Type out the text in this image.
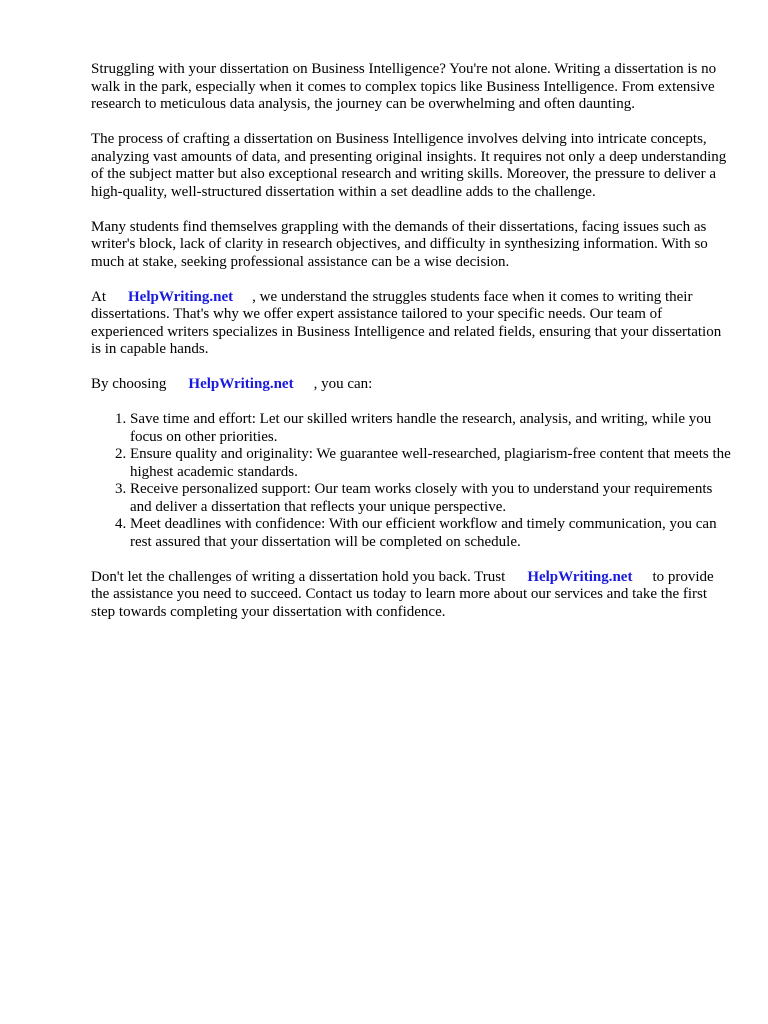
Struggling with your dissertation on Business Intelligence? You're not alone. Writing a dissertation is no walk in the park, especially when it comes to complex topics like Business Intelligence. From extensive research to meticulous data analysis, the journey can be overwhelming and often daunting.

The process of crafting a dissertation on Business Intelligence involves delving into intricate concepts, analyzing vast amounts of data, and presenting original insights. It requires not only a deep understanding of the subject matter but also exceptional research and writing skills. Moreover, the pressure to deliver a high-quality, well-structured dissertation within a set deadline adds to the challenge.

Many students find themselves grappling with the demands of their dissertations, facing issues such as writer's block, lack of clarity in research objectives, and difficulty in synthesizing information. With so much at stake, seeking professional assistance can be a wise decision.

At HelpWriting.net , we understand the struggles students face when it comes to writing their dissertations. That's why we offer expert assistance tailored to your specific needs. Our team of experienced writers specializes in Business Intelligence and related fields, ensuring that your dissertation is in capable hands.

By choosing HelpWriting.net , you can:

1. Save time and effort: Let our skilled writers handle the research, analysis, and writing, while you focus on other priorities.
2. Ensure quality and originality: We guarantee well-researched, plagiarism-free content that meets the highest academic standards.
3. Receive personalized support: Our team works closely with you to understand your requirements and deliver a dissertation that reflects your unique perspective.
4. Meet deadlines with confidence: With our efficient workflow and timely communication, you can rest assured that your dissertation will be completed on schedule.

Don't let the challenges of writing a dissertation hold you back. Trust HelpWriting.net to provide the assistance you need to succeed. Contact us today to learn more about our services and take the first step towards completing your dissertation with confidence.
